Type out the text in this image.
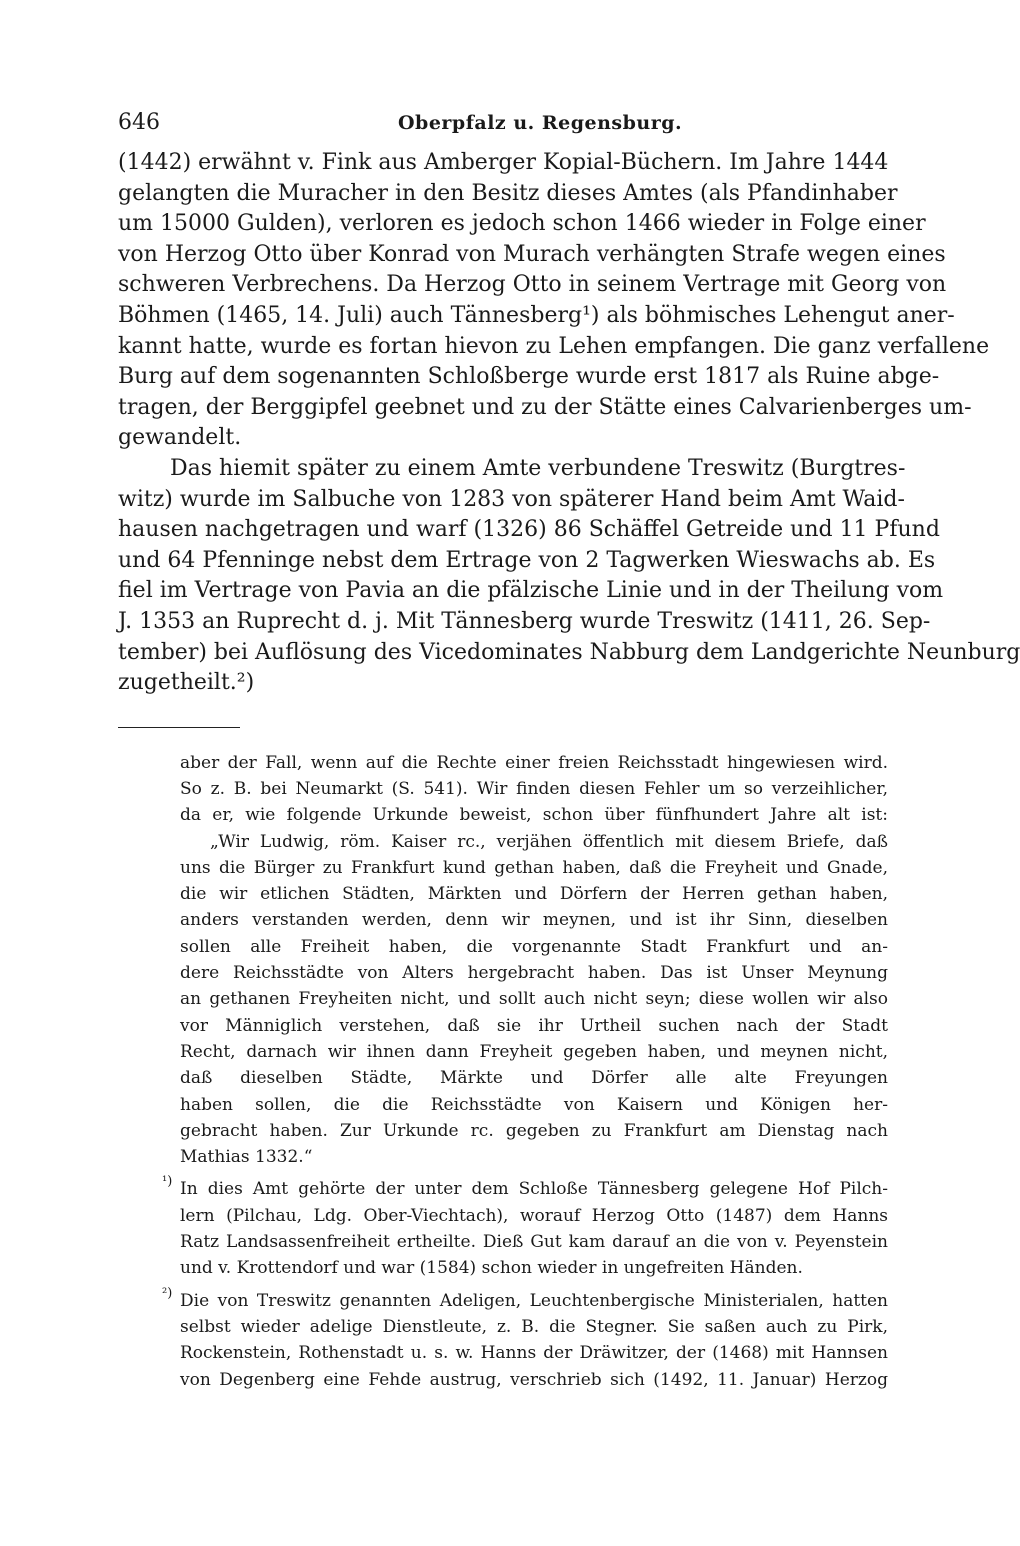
646	Oberpfalz u. Regensburg.
(1442) erwähnt v. Fink aus Amberger Kopial-Büchern. Im Jahre 1444
gelangten die Muracher in den Besitz dieses Amtes (als Pfandinhaber
um 15000 Gulden), verloren es jedoch schon 1466 wieder in Folge einer
von Herzog Otto über Konrad von Murach verhängten Strafe wegen eines
schweren Verbrechens. Da Herzog Otto in seinem Vertrage mit Georg von
Böhmen (1465, 14. Juli) auch Tännesberg¹) als böhmisches Lehengut aner-
kannt hatte, wurde es fortan hievon zu Lehen empfangen. Die ganz verfallene
Burg auf dem sogenannten Schloßberge wurde erst 1817 als Ruine abge-
tragen, der Berggipfel geebnet und zu der Stätte eines Calvarienberges um-
gewandelt.
Das hiemit später zu einem Amte verbundene Treswitz (Burgtres-
witz) wurde im Salbuche von 1283 von späterer Hand beim Amt Waid-
hausen nachgetragen und warf (1326) 86 Schäffel Getreide und 11 Pfund
und 64 Pfenninge nebst dem Ertrage von 2 Tagwerken Wieswachs ab. Es
fiel im Vertrage von Pavia an die pfälzische Linie und in der Theilung vom
J. 1353 an Ruprecht d. j. Mit Tännesberg wurde Treswitz (1411, 26. Sep-
tember) bei Auflösung des Vicedominates Nabburg dem Landgerichte Neunburg
zugetheilt.²)
aber der Fall, wenn auf die Rechte einer freien Reichsstadt hingewiesen wird.
So z. B. bei Neumarkt (S. 541). Wir finden diesen Fehler um so verzeihlicher,
da er, wie folgende Urkunde beweist, schon über fünfhundert Jahre alt ist:
„Wir Ludwig, röm. Kaiser rc., verjähen öffentlich mit diesem Briefe, daß
uns die Bürger zu Frankfurt kund gethan haben, daß die Freyheit und Gnade,
die wir etlichen Städten, Märkten und Dörfern der Herren gethan haben,
anders verstanden werden, denn wir meynen, und ist ihr Sinn, dieselben
sollen alle Freiheit haben, die vorgenannte Stadt Frankfurt und an-
dere Reichsstädte von Alters hergebracht haben. Das ist Unser Meynung
an gethanen Freyheiten nicht, und sollt auch nicht seyn; diese wollen wir also
vor Männiglich verstehen, daß sie ihr Urtheil suchen nach der Stadt
Recht, darnach wir ihnen dann Freyheit gegeben haben, und meynen nicht,
daß dieselben Städte, Märkte und Dörfer alle alte Freyungen
haben sollen, die die Reichsstädte von Kaisern und Königen her-
gebracht haben. Zur Urkunde rc. gegeben zu Frankfurt am Dienstag nach
Mathias 1332.“
¹) In dies Amt gehörte der unter dem Schloße Tännesberg gelegene Hof Pilch-
lern (Pilchau, Ldg. Ober-Viechtach), worauf Herzog Otto (1487) dem Hanns
Ratz Landsassenfreiheit ertheilte. Dieß Gut kam darauf an die von v. Peyenstein
und v. Krottendorf und war (1584) schon wieder in ungefreiten Händen.
²) Die von Treswitz genannten Adeligen, Leuchtenbergische Ministerialen, hatten
selbst wieder adelige Dienstleute, z. B. die Stegner. Sie saßen auch zu Pirk,
Rockenstein, Rothenstadt u. s. w. Hanns der Dräwitzer, der (1468) mit Hannsen
von Degenberg eine Fehde austrug, verschrieb sich (1492, 11. Januar) Herzog
